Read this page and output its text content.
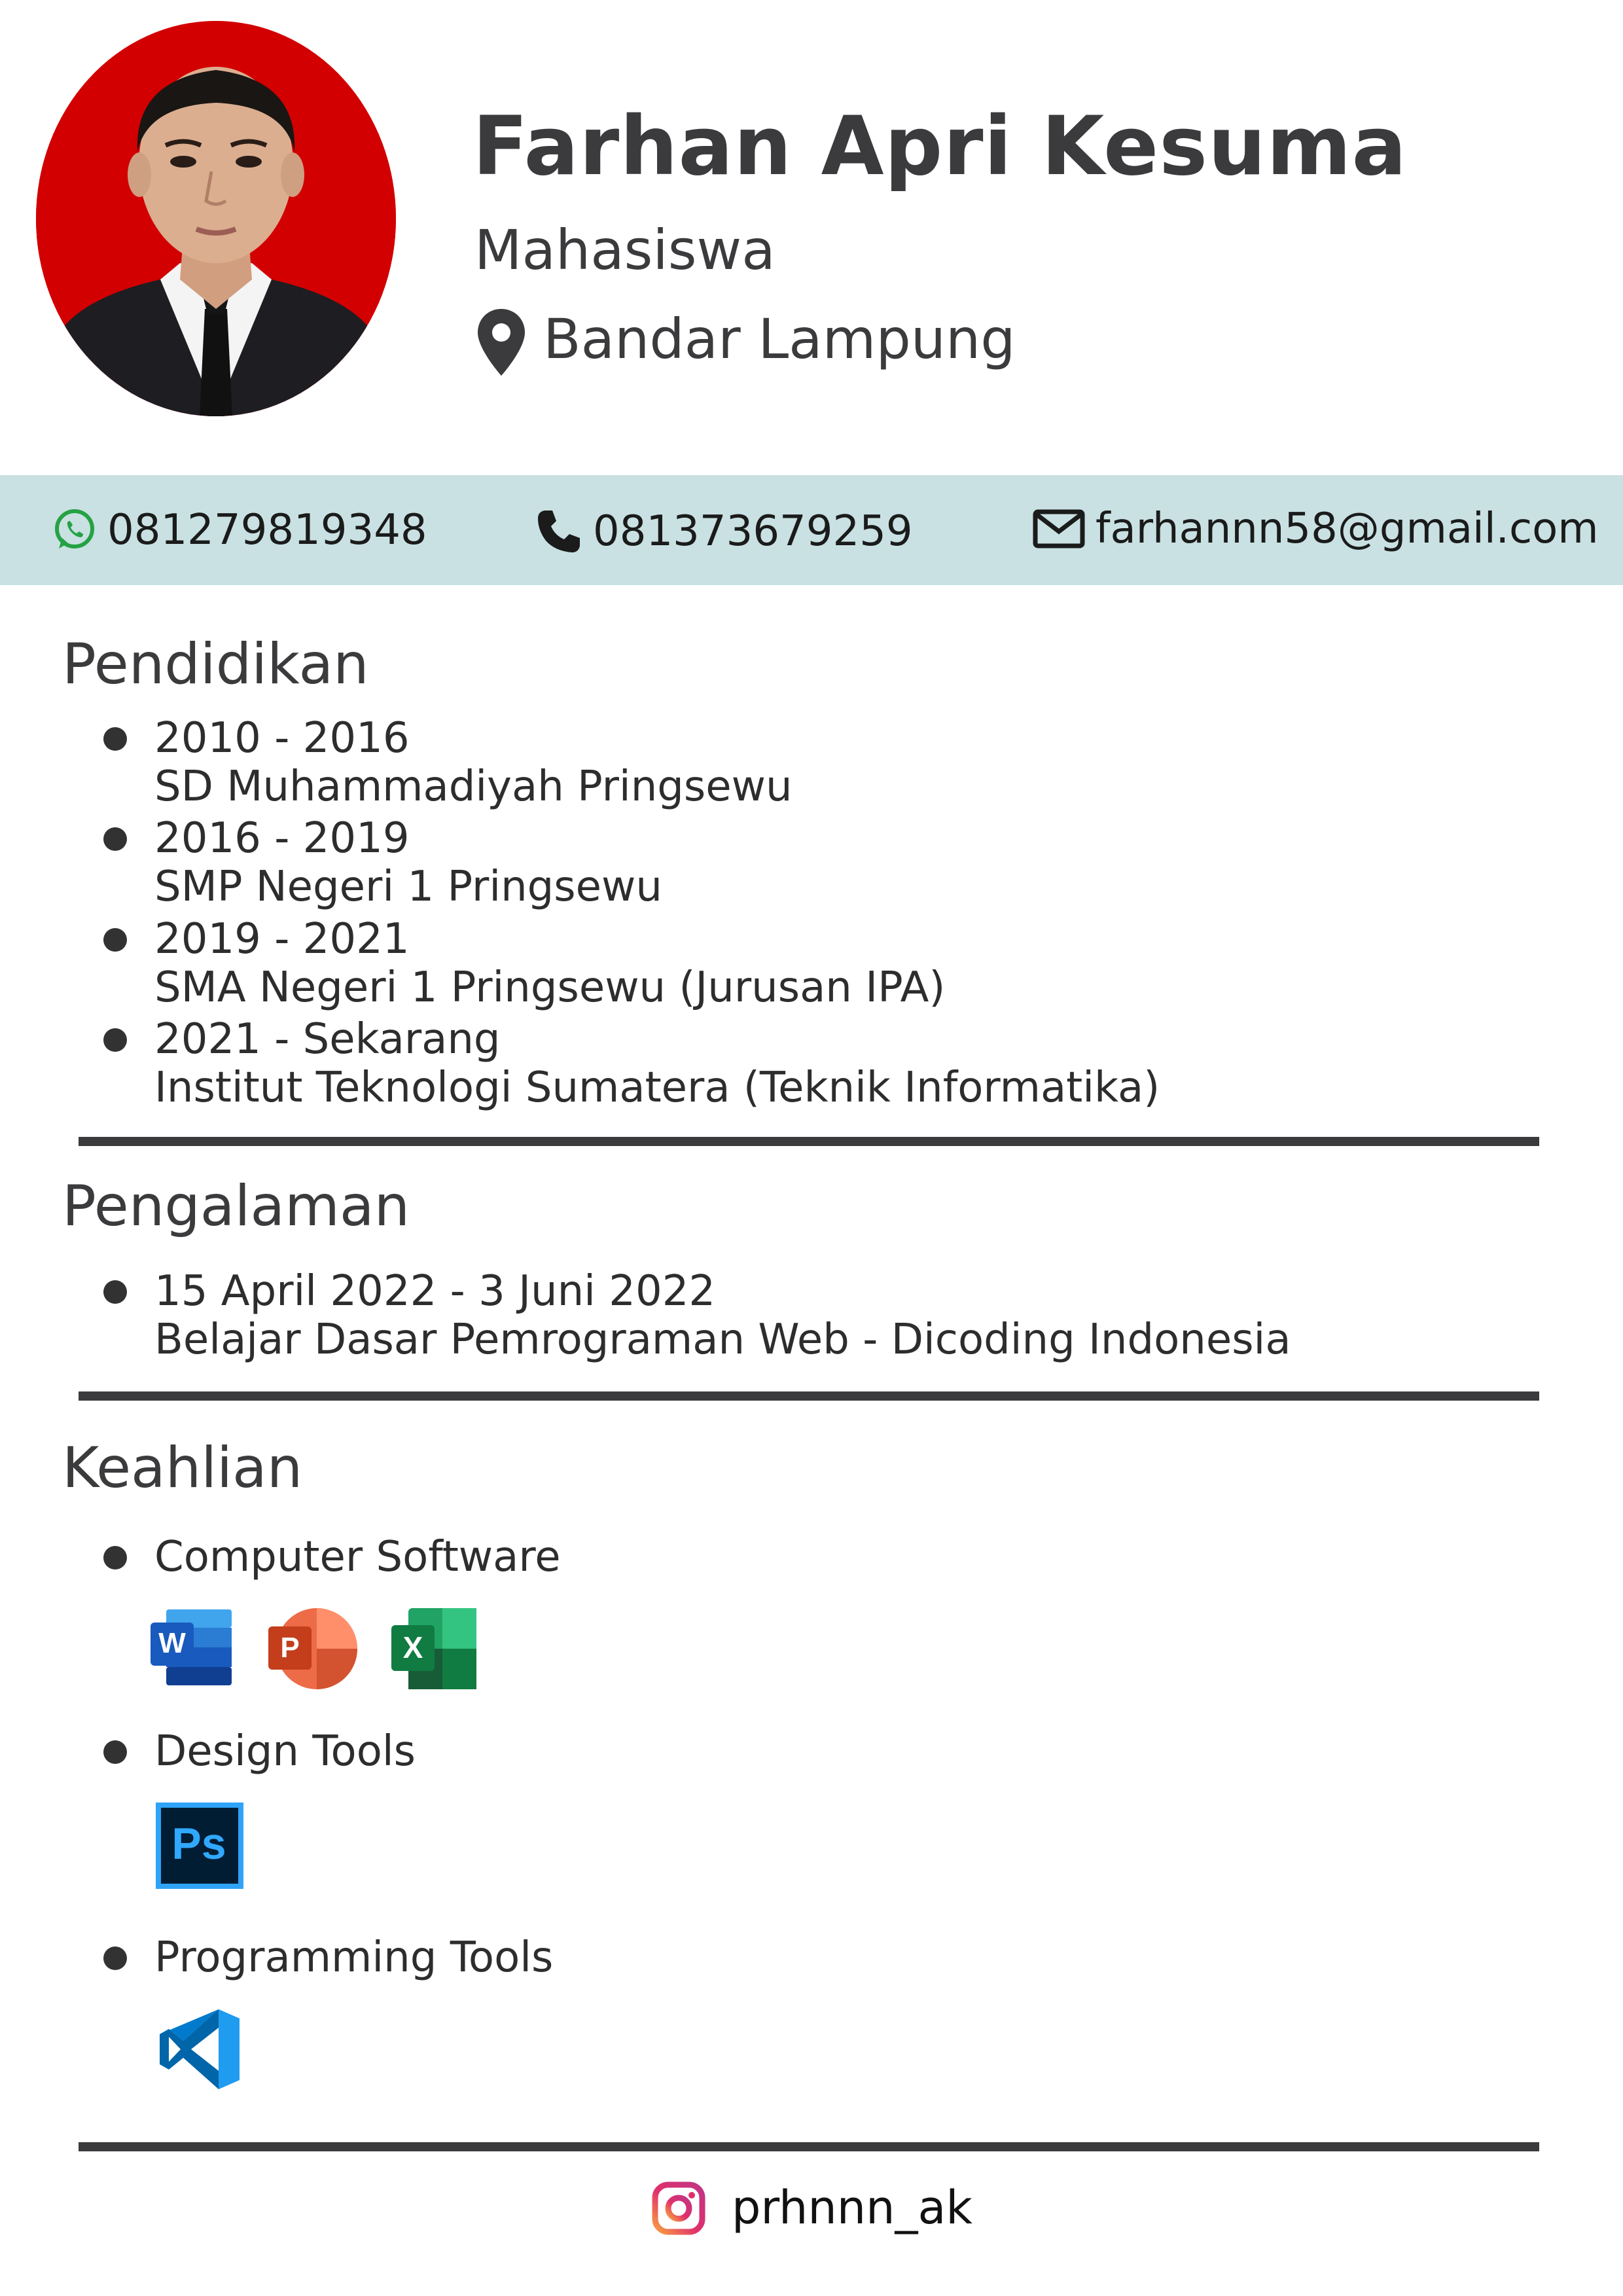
Farhan Apri Kesuma
Mahasiswa
Bandar Lampung
081279819348	081373679259	farhannn58@gmail.com
Pendidikan
2010 - 2016
SD Muhammadiyah Pringsewu
2016 - 2019
SMP Negeri 1 Pringsewu
2019 - 2021
SMA Negeri 1 Pringsewu (Jurusan IPA)
2021 - Sekarang
Institut Teknologi Sumatera (Teknik Informatika)
Pengalaman
15 April 2022 - 3 Juni 2022
Belajar Dasar Pemrograman Web - Dicoding Indonesia
Keahlian
Computer Software
W	P	X
Design Tools
Ps
Programming Tools
prhnnn_ak
